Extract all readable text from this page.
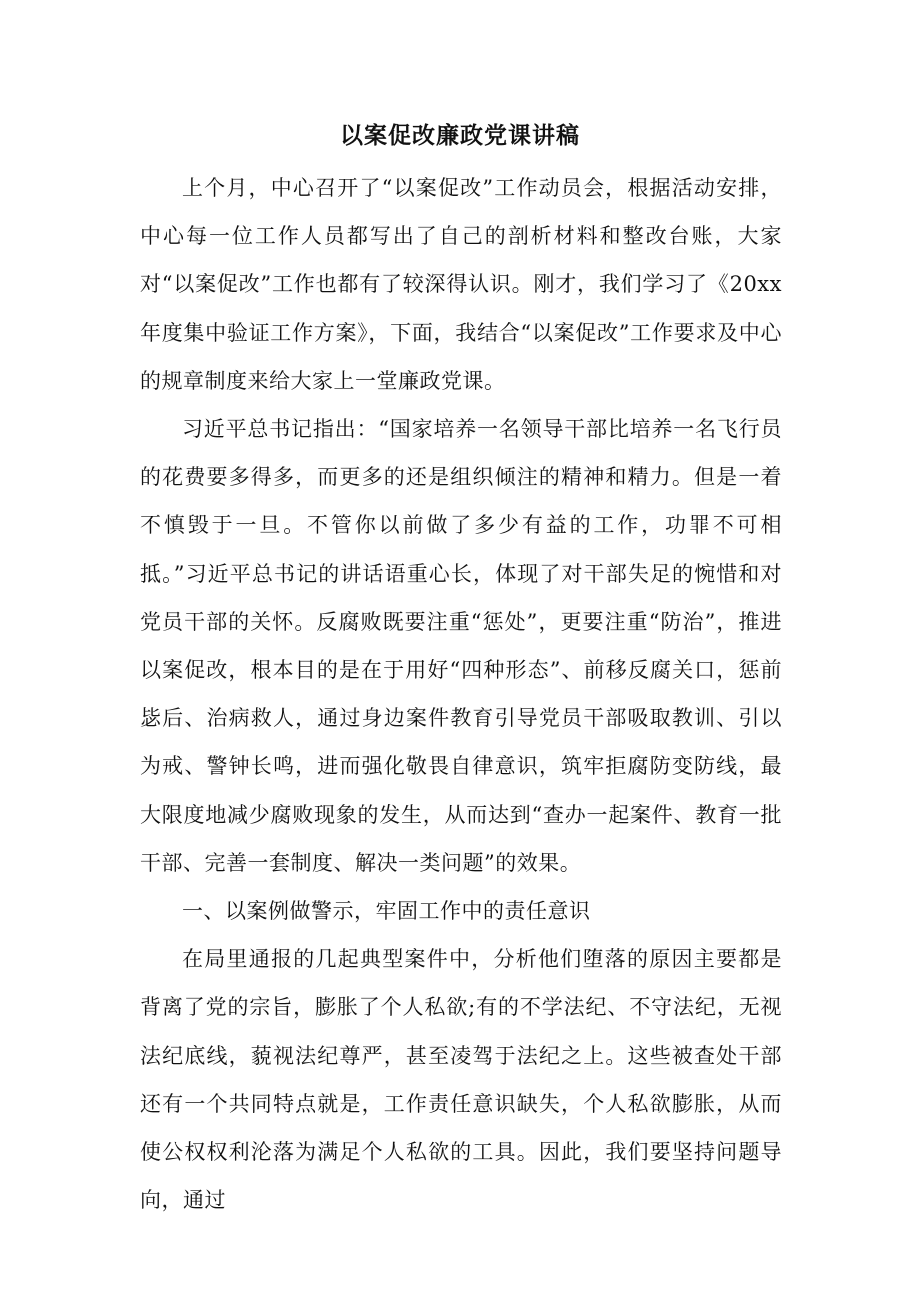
以案促改廉政党课讲稿

上个月，中心召开了“以案促改”工作动员会，根据活动安排，中心每一位工作人员都写出了自己的剖析材料和整改台账，大家对“以案促改”工作也都有了较深得认识。刚才，我们学习了《20xx年度集中验证工作方案》，下面，我结合“以案促改”工作要求及中心的规章制度来给大家上一堂廉政党课。

习近平总书记指出：“国家培养一名领导干部比培养一名飞行员的花费要多得多，而更多的还是组织倾注的精神和精力。但是一着不慎毁于一旦。不管你以前做了多少有益的工作，功罪不可相抵。”习近平总书记的讲话语重心长，体现了对干部失足的惋惜和对党员干部的关怀。反腐败既要注重“惩处”，更要注重“防治”，推进以案促改，根本目的是在于用好“四种形态”、前移反腐关口，惩前毖后、治病救人，通过身边案件教育引导党员干部吸取教训、引以为戒、警钟长鸣，进而强化敬畏自律意识，筑牢拒腐防变防线，最大限度地减少腐败现象的发生，从而达到“查办一起案件、教育一批干部、完善一套制度、解决一类问题”的效果。

一、以案例做警示，牢固工作中的责任意识

在局里通报的几起典型案件中，分析他们堕落的原因主要都是背离了党的宗旨，膨胀了个人私欲;有的不学法纪、不守法纪，无视法纪底线，藐视法纪尊严，甚至凌驾于法纪之上。这些被查处干部还有一个共同特点就是，工作责任意识缺失，个人私欲膨胀，从而使公权权利沦落为满足个人私欲的工具。因此，我们要坚持问题导向，通过
